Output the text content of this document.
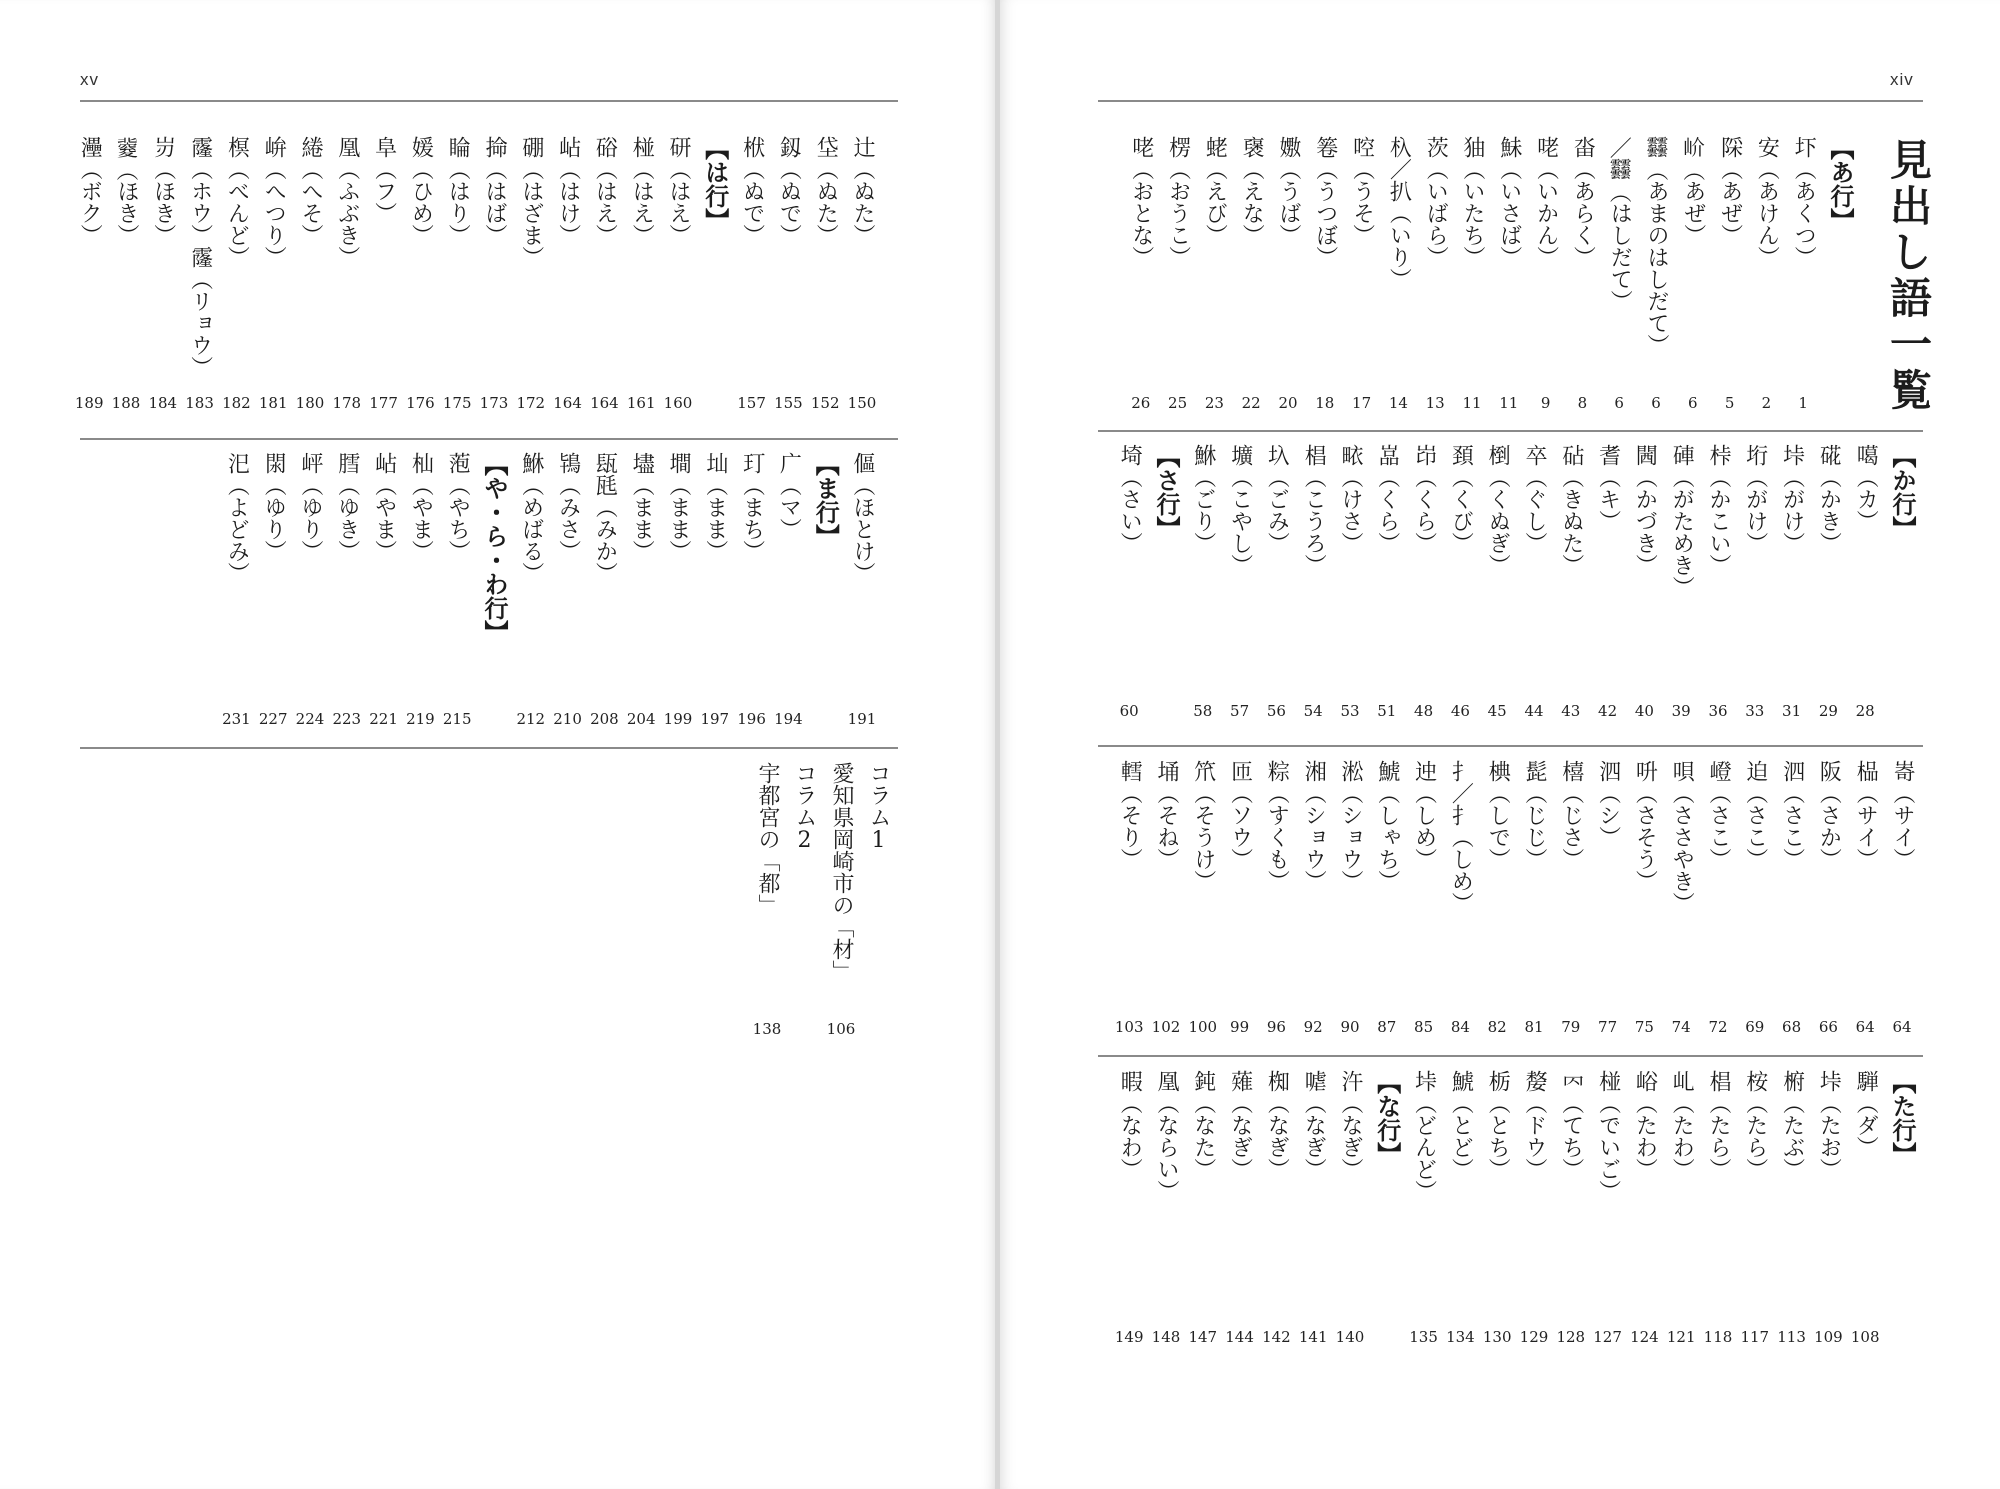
xv
辻（ぬた）
150
垈（ぬた）
152
釼（ぬで）
155
栿（ぬで）
157
【は行】
研（はえ）
160
椪（はえ）
161
硲（はえ）
164
岾（はけ）
164
硼（はざま）
172
掵（はば）
173
睔（はり）
175
媛（ひめ）
176
阜（フ）
177
凰（ふぶき）
178
綣（へそ）
180
峅（へつり）
181
榠（べんど）
182
霳（ホウ）霳（リョウ）
183
岃（ほき）
184
𥨏（ほき）
188
灅（ボク）
189
傴（ほとけ）
191
【ま行】
广（マ）
194
玎（まち）
196
圸（まま）
197
墹（まま）
199
壗（まま）
204
瓺瓱（みか）
208
鴇（みさ）
210
鮴（めばる）
212
【や・ら・わ行】
萢（やち）
215
杣（やま）
219
岾（やま）
221
膤（ゆき）
223
岼（ゆり）
224
閖（ゆり）
227
汜（よどみ）
231
コラム1
愛知県岡崎市の「材」
106
コラム2
宇都宮の「都」
138
xiv
見出し語一覧
【あ行】
圷（あくつ）
1
安（あけん）
2
𨺉（あぜ）
5
𡵚（あぜ）
6
𩇔（あまのはしだて）
6
／𩇔（はしだて）
6
畓（あらく）
8
咾（いかん）
9
鮇（いさば）
11
㹨（いたち）
11
茨（いばら）
13
杁／扒（いり）
14
啌（うそ）
17
箞（うつぼ）
18
嫐（うば）
20
襃（えな）
22
蛯（えび）
23
楞（おうこ）
25
咾（おとな）
26
【か行】
噶（カ）
28
硴（かき）
29
垰（がけ）
31
垳（がけ）
33
桛（かこい）
36
硨（がためき）
39
閪（かづき）
40
耆（キ）
42
砧（きぬた）
43
卒（ぐし）
44
椡（くぬぎ）
45
頚（くび）
46
岇（くら）
48
嵓（くら）
51
畩（けさ）
53
椙（こうろ）
54
圦（ごみ）
56
壙（こやし）
57
鮴（ごり）
58
【さ行】
埼（さい）
60
㟢（サイ）
64
榀（サイ）
64
阪（さか）
66
泗（さこ）
68
迫（さこ）
69
嶝（さこ）
72
唄（ささやき）
74
呏（さそう）
75
泗（シ）
77
橲（じさ）
79
髭（じじ）
81
椣（しで）
82
扌／扌（しめ）
84
迚（しめ）
85
鯱（しゃち）
87
淞（ショウ）
90
湘（ショウ）
92
粽（すくも）
96
匝（ソウ）
99
笊（そうけ）
100
埇（そね）
102
轌（そり）
103
【た行】
騨（ダ）
108
垰（たお）
109
椨（たぶ）
113
桉（たら）
117
椙（たら）
118
乢（たわ）
121
峪（たわ）
124
椪（でいご）
127
𠔿（てち）
128
嫠（ドウ）
129
栃（とち）
130
鯱（とど）
134
垰（どんど）
135
【な行】
汻（なぎ）
140
㖸（なぎ）
141
椥（なぎ）
142
薙（なぎ）
144
鈍（なた）
147
凰（ならい）
148
暇（なわ）
149
